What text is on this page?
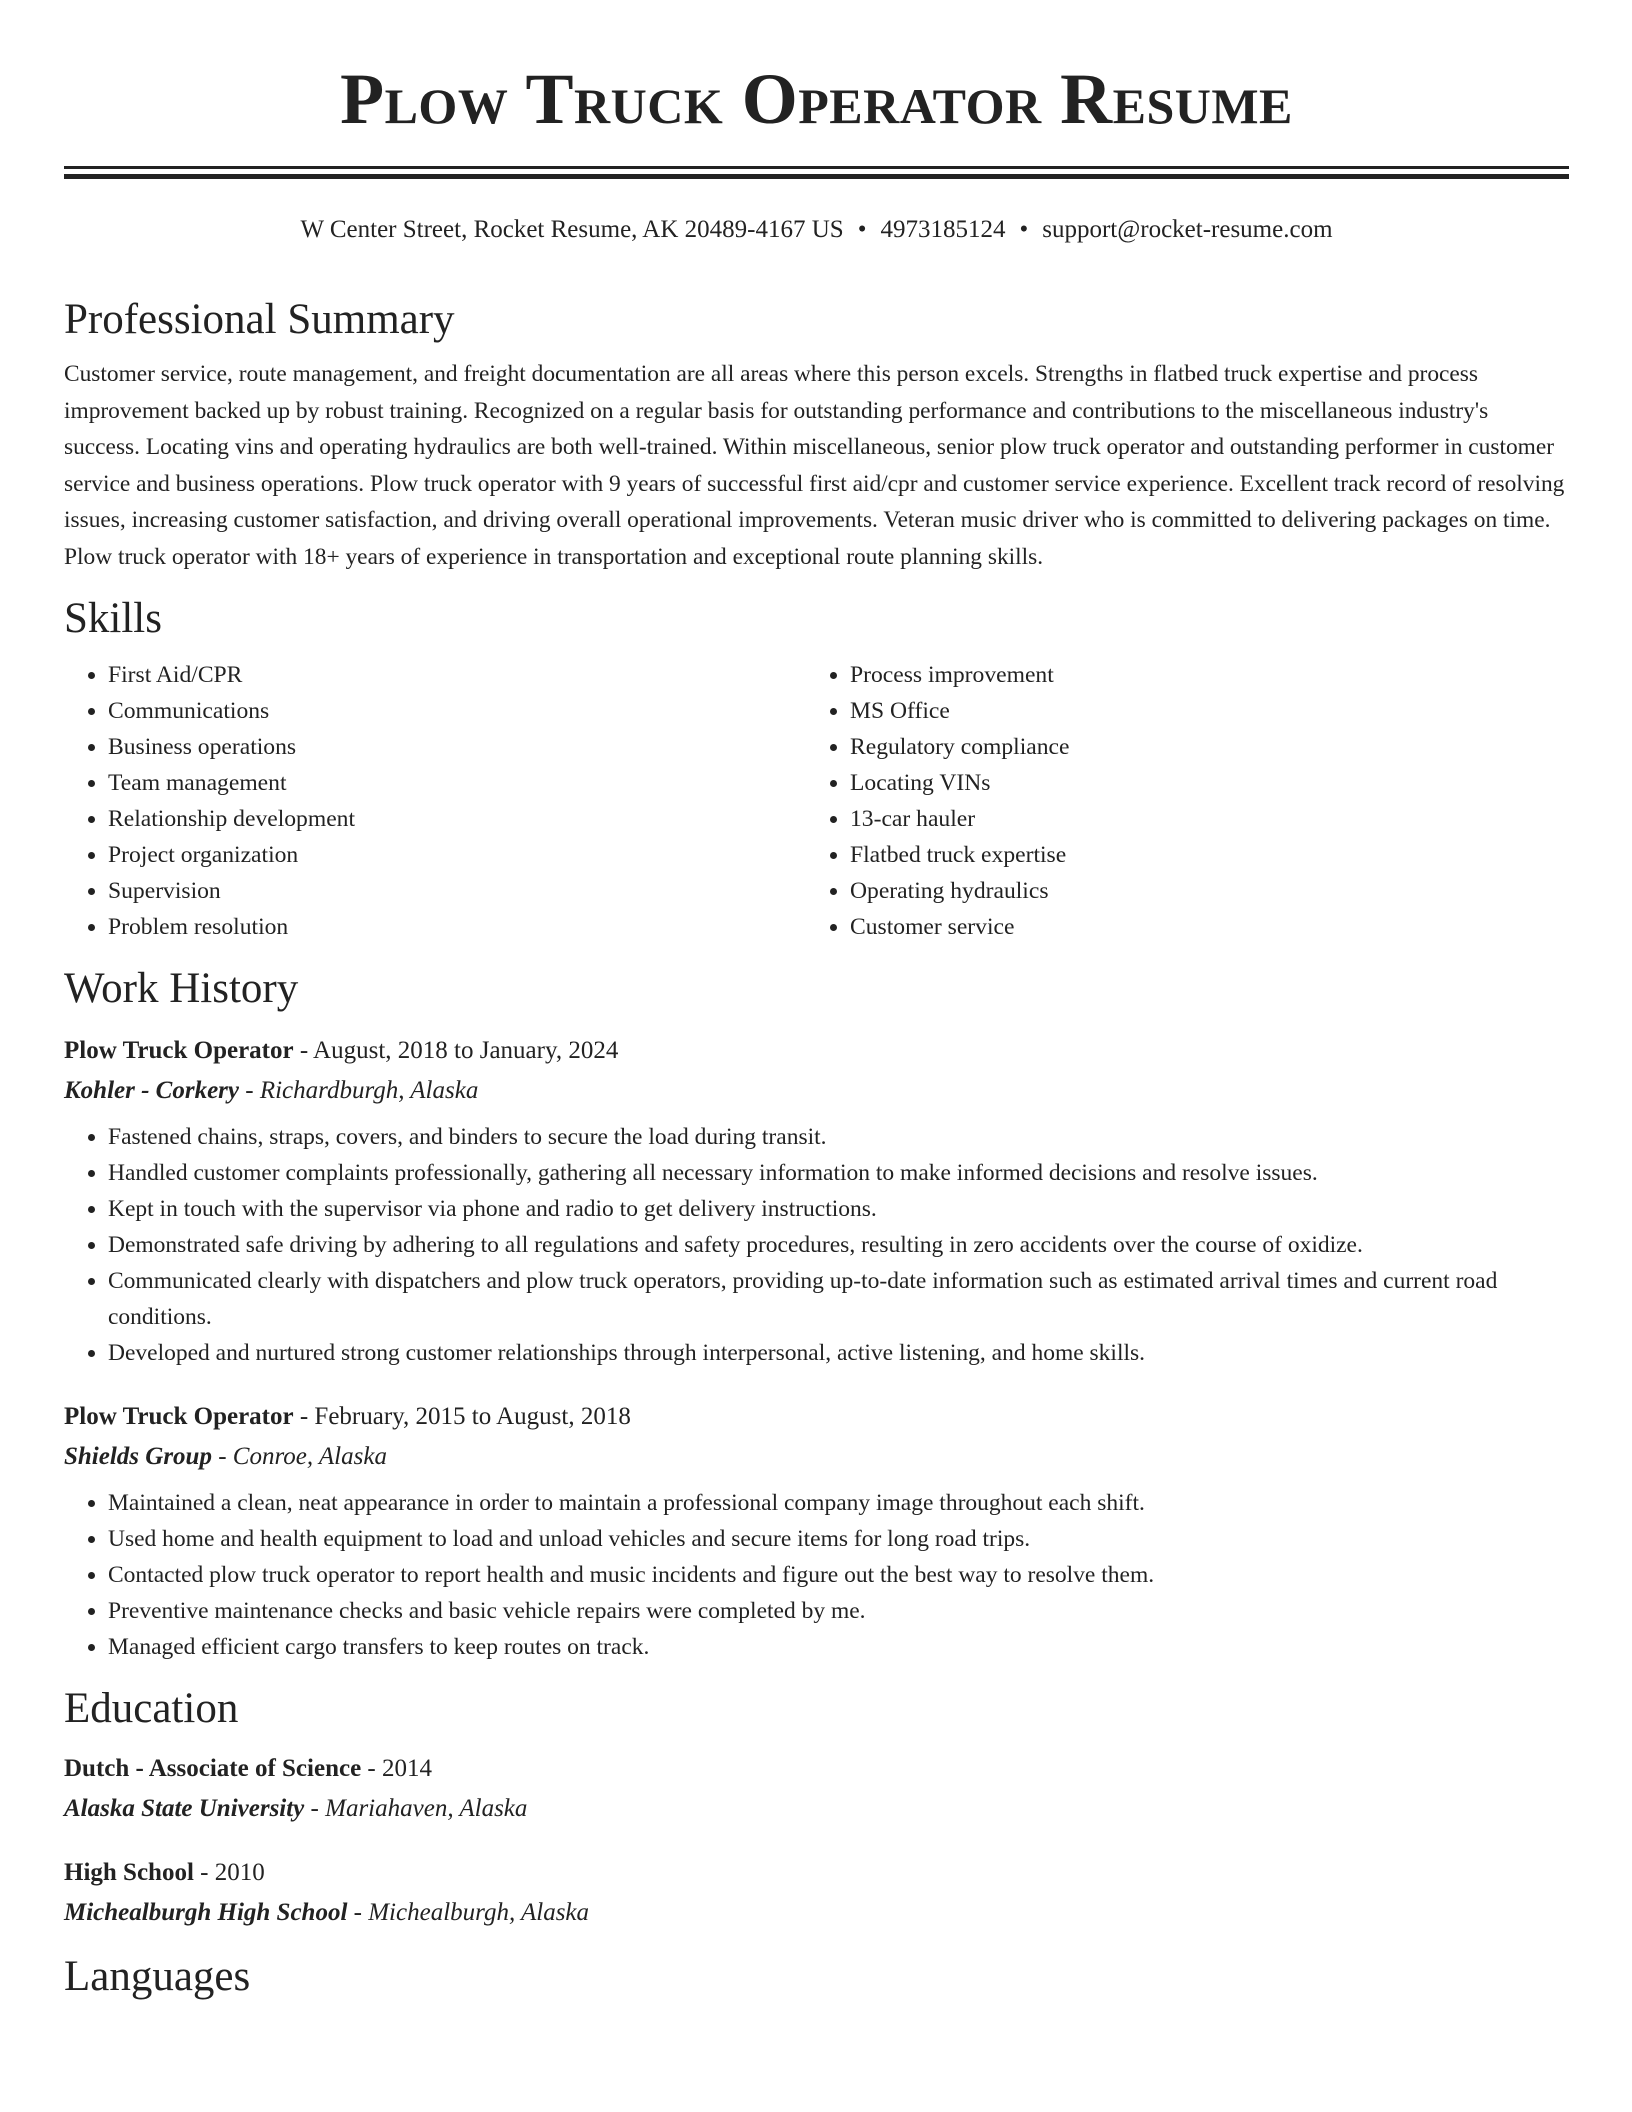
Plow Truck Operator Resume
W Center Street, Rocket Resume, AK 20489-4167 US • 4973185124 • support@rocket-resume.com
Professional Summary

Customer service, route management, and freight documentation are all areas where this person excels. Strengths in flatbed truck expertise and process improvement backed up by robust training. Recognized on a regular basis for outstanding performance and contributions to the miscellaneous industry's success. Locating vins and operating hydraulics are both well-trained. Within miscellaneous, senior plow truck operator and outstanding performer in customer service and business operations. Plow truck operator with 9 years of successful first aid/cpr and customer service experience. Excellent track record of resolving issues, increasing customer satisfaction, and driving overall operational improvements. Veteran music driver who is committed to delivering packages on time. Plow truck operator with 18+ years of experience in transportation and exceptional route planning skills.

Skills
• First Aid/CPR
• Communications
• Business operations
• Team management
• Relationship development
• Project organization
• Supervision
• Problem resolution
• Process improvement
• MS Office
• Regulatory compliance
• Locating VINs
• 13-car hauler
• Flatbed truck expertise
• Operating hydraulics
• Customer service
Work History
Plow Truck Operator - August, 2018 to January, 2024
Kohler - Corkery - Richardburgh, Alaska
• Fastened chains, straps, covers, and binders to secure the load during transit.
• Handled customer complaints professionally, gathering all necessary information to make informed decisions and resolve issues.
• Kept in touch with the supervisor via phone and radio to get delivery instructions.
• Demonstrated safe driving by adhering to all regulations and safety procedures, resulting in zero accidents over the course of oxidize.
• Communicated clearly with dispatchers and plow truck operators, providing up-to-date information such as estimated arrival times and current road conditions.
• Developed and nurtured strong customer relationships through interpersonal, active listening, and home skills.
Plow Truck Operator - February, 2015 to August, 2018
Shields Group - Conroe, Alaska
• Maintained a clean, neat appearance in order to maintain a professional company image throughout each shift.
• Used home and health equipment to load and unload vehicles and secure items for long road trips.
• Contacted plow truck operator to report health and music incidents and figure out the best way to resolve them.
• Preventive maintenance checks and basic vehicle repairs were completed by me.
• Managed efficient cargo transfers to keep routes on track.
Education
Dutch - Associate of Science - 2014
Alaska State University - Mariahaven, Alaska
High School - 2010
Michealburgh High School - Michealburgh, Alaska
Languages
